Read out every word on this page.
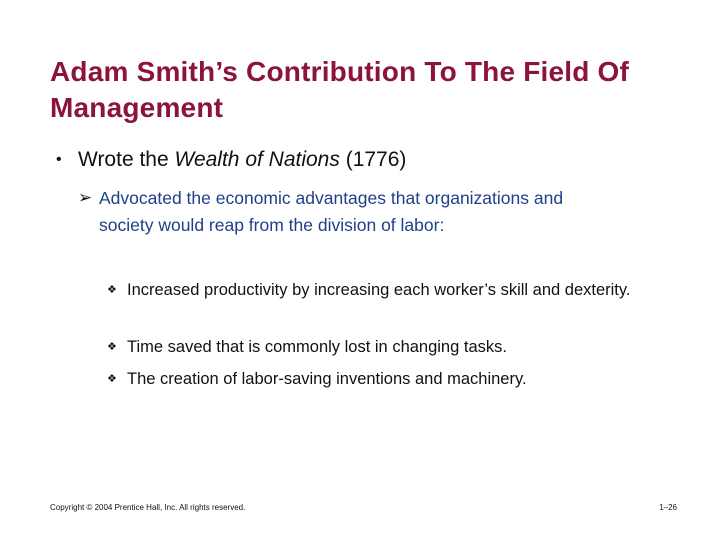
Adam Smith’s Contribution To The Field Of Management
• Wrote the Wealth of Nations (1776)
➢ Advocated the economic advantages that organizations and society would reap from the division of labor:
❖ Increased productivity by increasing each worker’s skill and dexterity.
❖ Time saved that is commonly lost in changing tasks.
❖ The creation of labor-saving inventions and machinery.
Copyright © 2004 Prentice Hall, Inc. All rights reserved.	1–26
